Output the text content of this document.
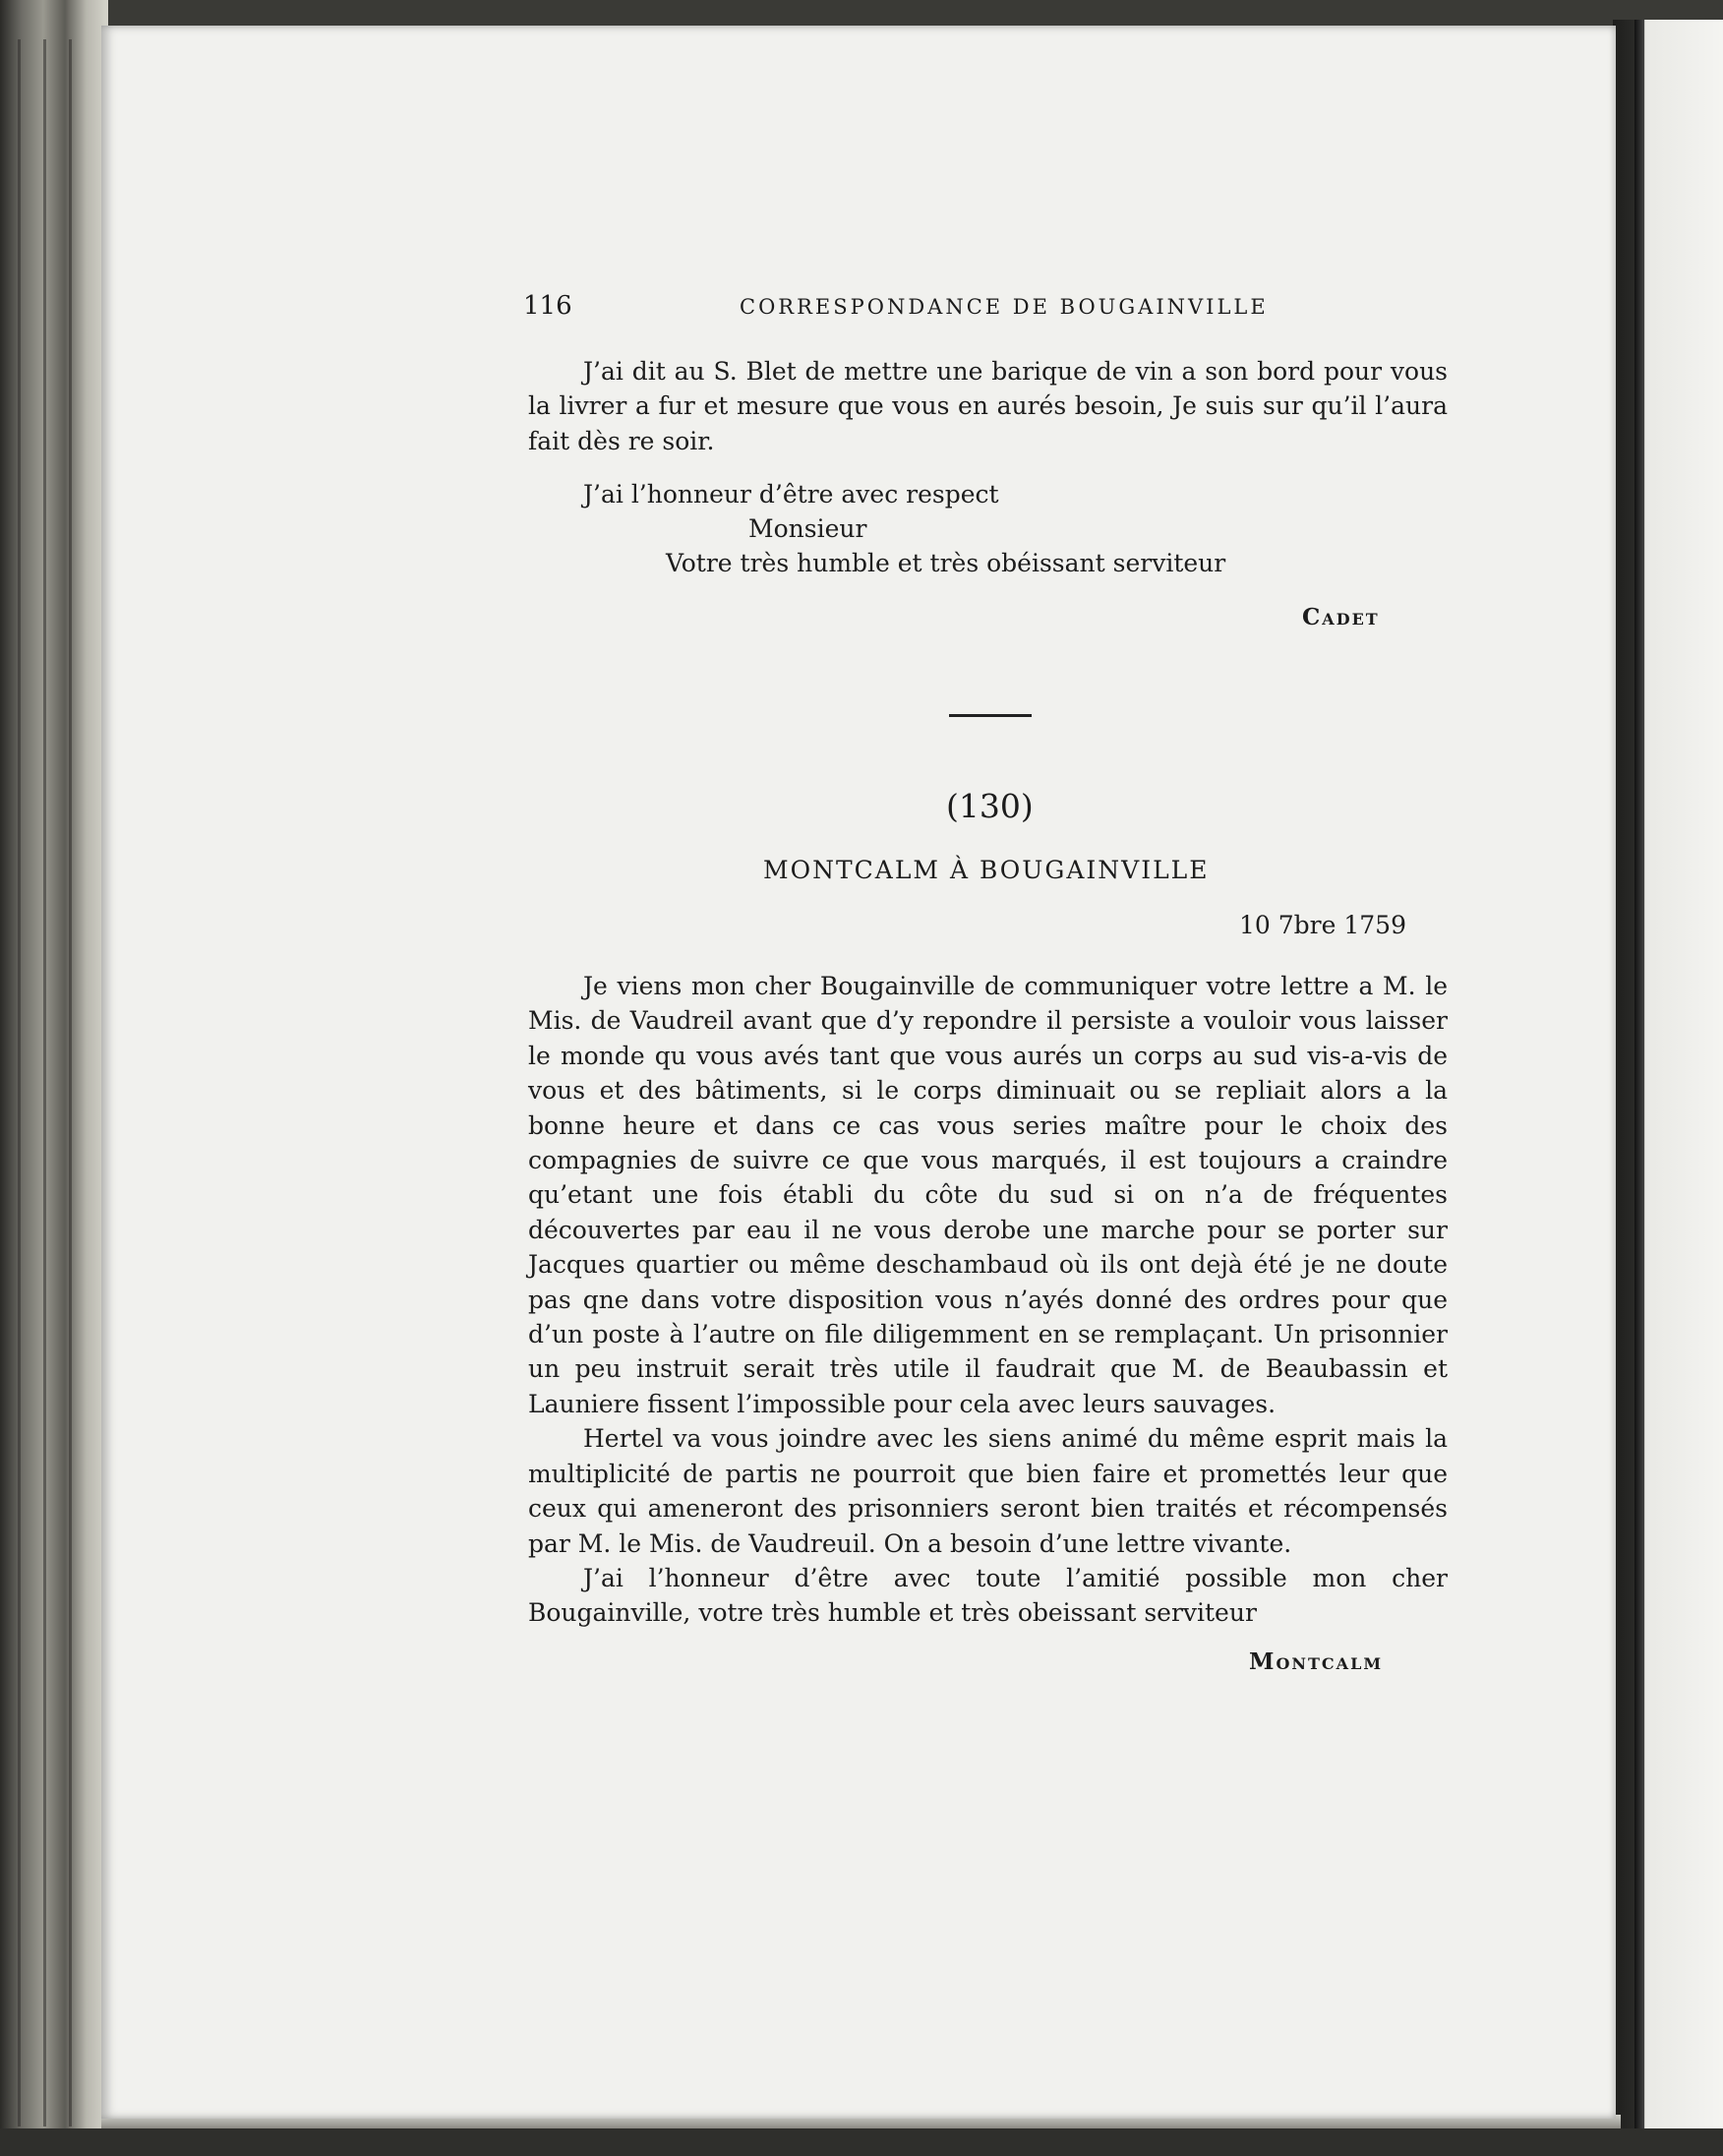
116	CORRESPONDANCE DE BOUGAINVILLE

J’ai dit au S. Blet de mettre une barique de vin a son bord pour vous la livrer a fur et mesure que vous en aurés besoin, Je suis sur qu’il l’aura fait dès re soir.

J’ai l’honneur d’être avec respect
Monsieur
Votre très humble et très obéissant serviteur
Cadet
(130)
MONTCALM À BOUGAINVILLE
10 7bre 1759

Je viens mon cher Bougainville de communiquer votre lettre a M. le Mis. de Vaudreil avant que d’y repondre il persiste a vouloir vous laisser le monde qu vous avés tant que vous aurés un corps au sud vis-a-vis de vous et des bâtiments, si le corps diminuait ou se repliait alors a la bonne heure et dans ce cas vous series maître pour le choix des compagnies de suivre ce que vous marqués, il est toujours a craindre qu’etant une fois établi du côte du sud si on n’a de fréquentes découvertes par eau il ne vous derobe une marche pour se porter sur Jacques quartier ou même deschambaud où ils ont dejà été je ne doute pas qne dans votre disposition vous n’ayés donné des ordres pour que d’un poste à l’autre on file diligemment en se remplaçant. Un prisonnier un peu instruit serait très utile il faudrait que M. de Beaubassin et Launiere fissent l’impossible pour cela avec leurs sauvages.

Hertel va vous joindre avec les siens animé du même esprit mais la multiplicité de partis ne pourroit que bien faire et promettés leur que ceux qui ameneront des prisonniers seront bien traités et récompensés par M. le Mis. de Vaudreuil. On a besoin d’une lettre vivante.

J’ai l’honneur d’être avec toute l’amitié possible mon cher Bougainville, votre très humble et très obeissant serviteur

Montcalm
